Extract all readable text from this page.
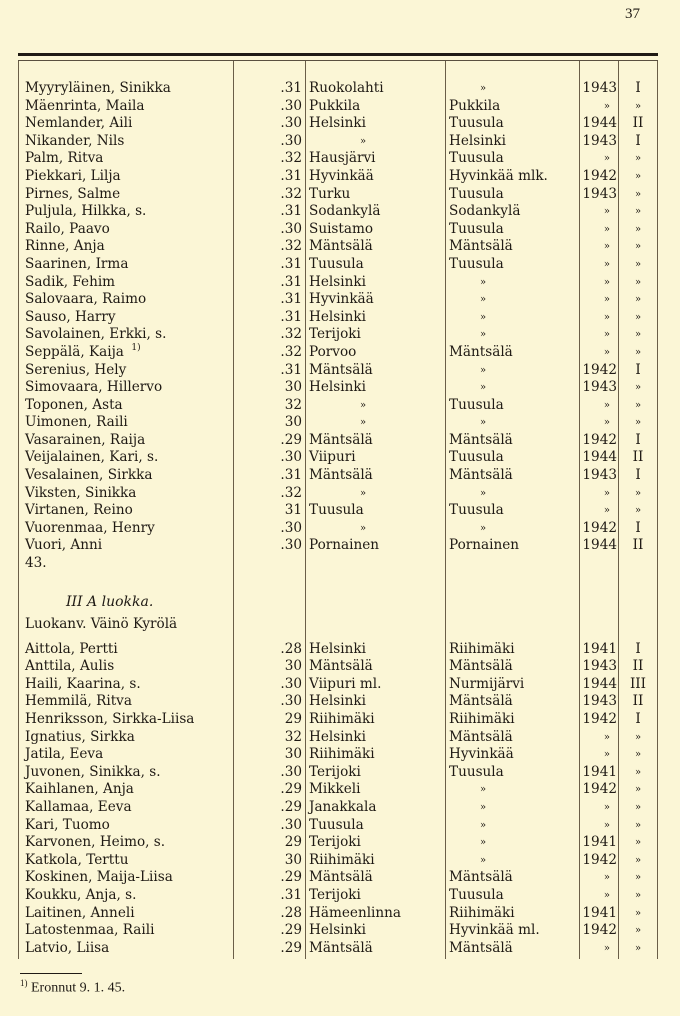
37
Myyryläinen, Sinikka	.31 Ruokolahti	»	1943	I
Mäenrinta, Maila	.30 Pukkila	Pukkila	»	»
Nemlander, Aili	.30 Helsinki	Tuusula	1944	II
Nikander, Nils	.30	»	Helsinki	1943	I
Palm, Ritva	.32 Hausjärvi	Tuusula	»	»
Piekkari, Lilja	.31 Hyvinkää	Hyvinkää mlk.	1942	»
Pirnes, Salme	.32 Turku	Tuusula	1943	»
Puljula, Hilkka, s.	.31 Sodankylä	Sodankylä	»	»
Railo, Paavo	.30 Suistamo	Tuusula	»	»
Rinne, Anja	.32 Mäntsälä	Mäntsälä	»	»
Saarinen, Irma	.31 Tuusula	Tuusula	»	»
Sadik, Fehim	.31 Helsinki	»	»	»
Salovaara, Raimo	.31 Hyvinkää	»	»	»
Sauso, Harry	.31 Helsinki	»	»	»
Savolainen, Erkki, s.	.32 Terijoki	»	»	»
Seppälä, Kaija 1)	.32 Porvoo	Mäntsälä	»	»
Serenius, Hely	.31 Mäntsälä	»	1942	I
Simovaara, Hillervo	30 Helsinki	»	1943	»
Toponen, Asta	32	»	Tuusula	»	»
Uimonen, Raili	30	»	»	»	»
Vasarainen, Raija	.29 Mäntsälä	Mäntsälä	1942	I
Veijalainen, Kari, s.	.30 Viipuri	Tuusula	1944	II
Vesalainen, Sirkka	.31 Mäntsälä	Mäntsälä	1943	I
Viksten, Sinikka	.32	»	»	»	»
Virtanen, Reino	31 Tuusula	Tuusula	»	»
Vuorenmaa, Henry	.30	»	»	1942	I
Vuori, Anni	.30 Pornainen	Pornainen	1944	II
43.
III A luokka.
Luokanv. Väinö Kyrölä
Aittola, Pertti	.28 Helsinki	Riihimäki	1941	I
Anttila, Aulis	30 Mäntsälä	Mäntsälä	1943	II
Haili, Kaarina, s.	.30 Viipuri ml.	Nurmijärvi	1944 III
Hemmilä, Ritva	.30 Helsinki	Mäntsälä	1943	II
Henriksson, Sirkka-Liisa	29 Riihimäki	Riihimäki	1942	I
Ignatius, Sirkka	32 Helsinki	Mäntsälä	»	»
Jatila, Eeva	30 Riihimäki	Hyvinkää	»	»
Juvonen, Sinikka, s.	.30 Terijoki	Tuusula	1941	»
Kaihlanen, Anja	.29 Mikkeli	»	1942	»
Kallamaa, Eeva	.29 Janakkala	»	»	»
Kari, Tuomo	.30 Tuusula	»	»	»
Karvonen, Heimo, s.	29 Terijoki	»	1941	»
Katkola, Terttu	30 Riihimäki	»	1942	»
Koskinen, Maija-Liisa	.29 Mäntsälä	Mäntsälä	»	»
Koukku, Anja, s.	.31 Terijoki	Tuusula	»	»
Laitinen, Anneli	.28 Hämeenlinna	Riihimäki	1941	»
Latostenmaa, Raili	.29 Helsinki	Hyvinkää ml.	1942	»
Latvio, Liisa	.29 Mäntsälä	Mäntsälä	»	»
$^{1)}$ Eronnut 9. 1. 45.
